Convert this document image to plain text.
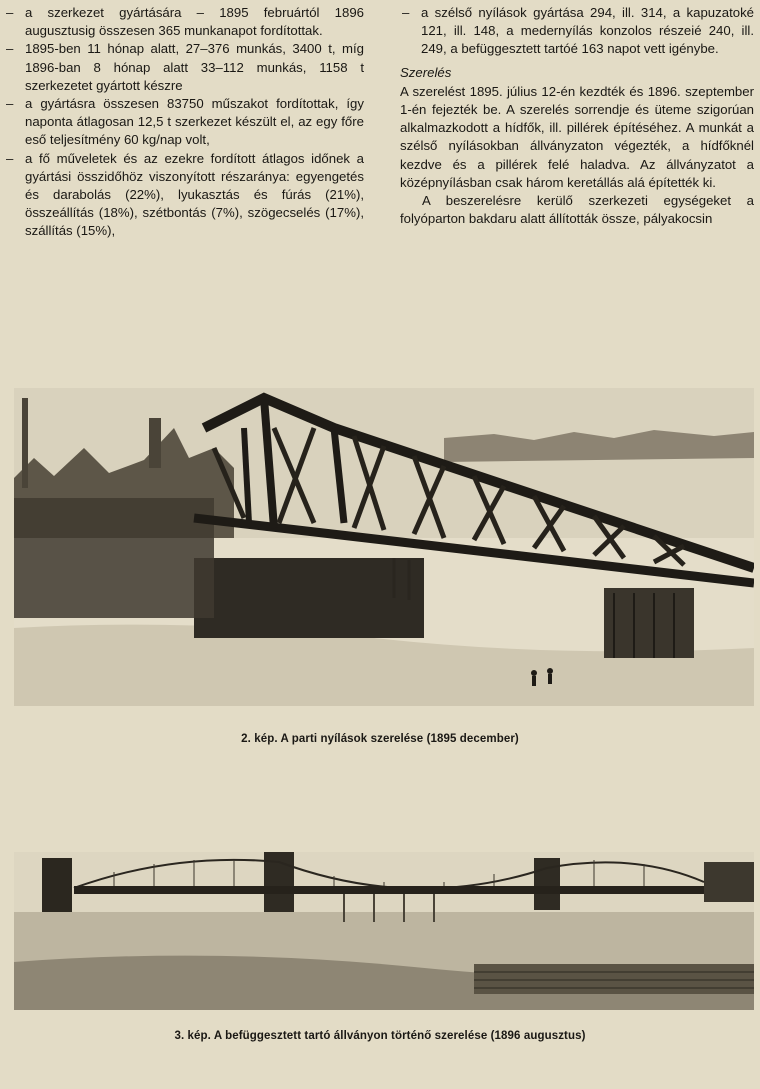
– a szerkezet gyártására – 1895 februártól 1896 augusztusig összesen 365 munkanapot fordítottak.
– 1895-ben 11 hónap alatt, 27–376 munkás, 3400 t, míg 1896-ban 8 hónap alatt 33–112 munkás, 1158 t szerkezetet gyártott készre
– a gyártásra összesen 83750 műszakot fordítottak, így naponta átlagosan 12,5 t szerkezet készült el, az egy főre eső teljesítmény 60 kg/nap volt,
– a fő műveletek és az ezekre fordított átlagos időnek a gyártási összidőhöz viszonyított részaránya: egyengetés és darabolás (22%), lyukasztás és fúrás (21%), összeállítás (18%), szétbontás (7%), szögecselés (17%), szállítás (15%),
– a szélső nyílások gyártása 294, ill. 314, a kapuzatoké 121, ill. 148, a medernyílás konzolos részeié 240, ill. 249, a befüggesztett tartóé 163 napot vett igénybe.
Szerelés

A szerelést 1895. július 12-én kezdték és 1896. szeptember 1-én fejezték be. A szerelés sorrendje és üteme szigorúan alkalmazkodott a hídfők, ill. pillérek építéséhez. A munkát a szélső nyílásokban állványzaton végezték, a hídfőknél kezdve és a pillérek felé haladva. Az állványzatot a középnyílásban csak három keretállás alá építették ki.

A beszerelésre kerülő szerkezeti egységeket a folyóparton bakdaru alatt állították össze, pályakocsin

2. kép. A parti nyílások szerelése (1895 december)
3. kép. A befüggesztett tartó állványon történő szerelése (1896 augusztus)
